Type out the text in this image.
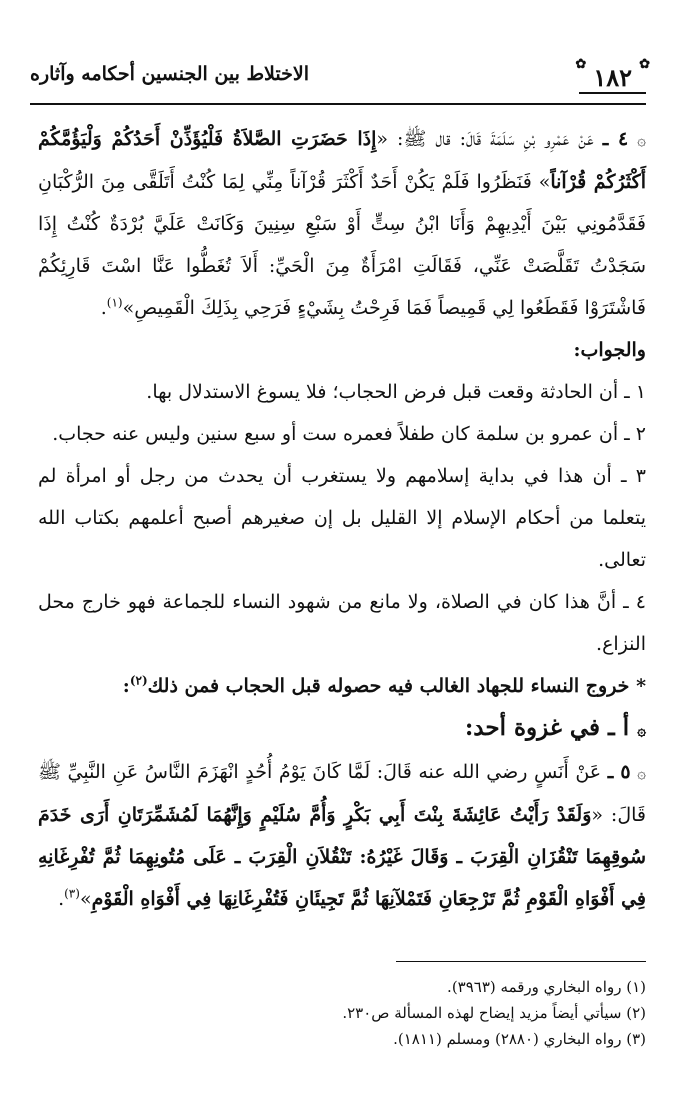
✿
١٨٢
✿
الاختلاط بين الجنسين أحكامه وآثاره

۞ ٤ ـ عَنْ عَمْرِو بْنِ سَلَمَةَ قَالَ: قال ﷺ: «إِذَا حَضَرَتِ الصَّلاَةُ فَلْيُؤَذِّنْ أَحَدُكُمْ وَلْيَؤُمَّكُمْ أَكْثَرُكُمْ قُرْآناً» فَنَظَرُوا فَلَمْ يَكُنْ أَحَدٌ أَكْثَرَ قُرْآناً مِنِّي لِمَا كُنْتُ أَتَلَقَّى مِنَ الرُّكْبَانِ فَقَدَّمُونِي بَيْنَ أَيْدِيهِمْ وَأَنَا ابْنُ سِتٍّ أَوْ سَبْعِ سِنِينَ وَكَانَتْ عَلَيَّ بُرْدَةٌ كُنْتُ إِذَا سَجَدْتُ تَقَلَّصَتْ عَنِّي، فَقَالَتِ امْرَأَةٌ مِنَ الْحَيِّ: أَلاَ تُغَطُّوا عَنَّا اسْتَ قَارِئِكُمْ فَاشْتَرَوْا فَقَطَعُوا لِي قَمِيصاً فَمَا فَرِحْتُ بِشَيْءٍ فَرَحِي بِذَلِكَ الْقَمِيصِ»$^{(١)}$.

والجواب:

١ ـ أن الحادثة وقعت قبل فرض الحجاب؛ فلا يسوغ الاستدلال بها.

٢ ـ أن عمرو بن سلمة كان طفلاً فعمره ست أو سبع سنين وليس عنه حجاب.

٣ ـ أن هذا في بداية إسلامهم ولا يستغرب أن يحدث من رجل أو امرأة لم يتعلما من أحكام الإسلام إلا القليل بل إن صغيرهم أصبح أعلمهم بكتاب الله تعالى.

٤ ـ أنَّ هذا كان في الصلاة، ولا مانع من شهود النساء للجماعة فهو خارج محل النزاع.

* خروج النساء للجهاد الغالب فيه حصوله قبل الحجاب فمن ذلك$^{(٢)}$:

۞ أ ـ في غزوة أحد:

۞ ٥ ـ عَنْ أَنَسٍ رضي الله عنه قَالَ: لَمَّا كَانَ يَوْمُ أُحُدٍ انْهَزَمَ النَّاسُ عَنِ النَّبِيِّ ﷺ قَالَ: «وَلَقَدْ رَأَيْتُ عَائِشَةَ بِنْتَ أَبِي بَكْرٍ وَأُمَّ سُلَيْمٍ وَإِنَّهُمَا لَمُشَمِّرَتَانِ أَرَى خَدَمَ سُوقِهِمَا تَنْقُزَانِ الْقِرَبَ ـ وَقَالَ غَيْرُهُ: تَنْقُلاَنِ الْقِرَبَ ـ عَلَى مُتُونِهِمَا ثُمَّ تُفْرِغَانِهِ فِي أَفْوَاهِ الْقَوْمِ ثُمَّ تَرْجِعَانِ فَتَمْلآنِهَا ثُمَّ تَجِيئَانِ فَتُفْرِغَانِهَا فِي أَفْوَاهِ الْقَوْمِ»$^{(٣)}$.

(١) رواه البخاري ورقمه (٣٩٦٣).
(٢) سيأتي أيضاً مزيد إيضاح لهذه المسألة ص٢٣٠.
(٣) رواه البخاري (٢٨٨٠) ومسلم (١٨١١).
